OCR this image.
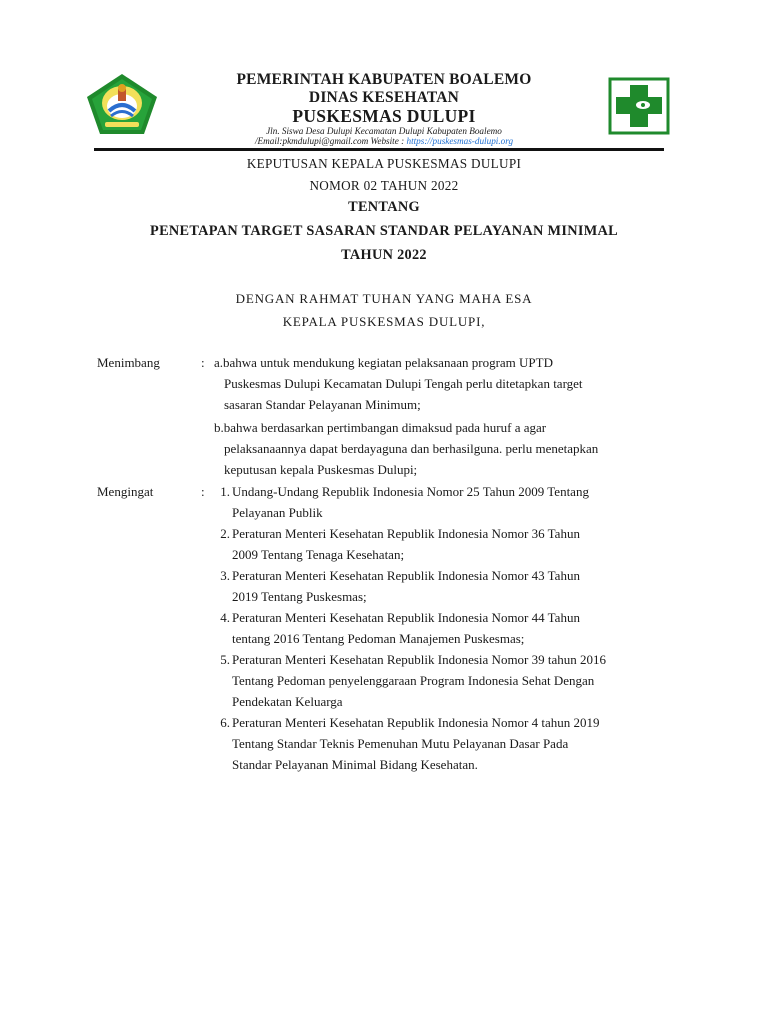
PEMERINTAH KABUPATEN BOALEMO
DINAS KESEHATAN
PUSKESMAS DULUPI
Jln. Siswa Desa Dulupi Kecamatan Dulupi Kabupaten Boalemo
/Email:pkmdulupi@gmail.com Website : https://puskesmas-dulupi.org
KEPUTUSAN KEPALA PUSKESMAS DULUPI
NOMOR 02 TAHUN 2022
TENTANG
PENETAPAN TARGET SASARAN STANDAR PELAYANAN MINIMAL
TAHUN 2022
DENGAN RAHMAT TUHAN YANG MAHA ESA
KEPALA PUSKESMAS DULUPI,
Menimbang	: a.bahwa untuk mendukung kegiatan pelaksanaan program UPTD
Puskesmas Dulupi Kecamatan Dulupi Tengah perlu ditetapkan target
sasaran Standar Pelayanan Minimum;
b.bahwa berdasarkan pertimbangan dimaksud pada huruf a agar
pelaksanaannya dapat berdayaguna dan berhasilguna. perlu menetapkan
keputusan kepala Puskesmas Dulupi;
Mengingat	:	1. Undang-Undang Republik Indonesia Nomor 25 Tahun 2009 Tentang
Pelayanan Publik
2. Peraturan Menteri Kesehatan Republik Indonesia Nomor 36 Tahun
2009 Tentang Tenaga Kesehatan;
3. Peraturan Menteri Kesehatan Republik Indonesia Nomor 43 Tahun
2019 Tentang Puskesmas;
4. Peraturan Menteri Kesehatan Republik Indonesia Nomor 44 Tahun
tentang 2016 Tentang Pedoman Manajemen Puskesmas;
5. Peraturan Menteri Kesehatan Republik Indonesia Nomor 39 tahun 2016
Tentang Pedoman penyelenggaraan Program Indonesia Sehat Dengan
Pendekatan Keluarga
6. Peraturan Menteri Kesehatan Republik Indonesia Nomor 4 tahun 2019
Tentang Standar Teknis Pemenuhan Mutu Pelayanan Dasar Pada
Standar Pelayanan Minimal Bidang Kesehatan.
